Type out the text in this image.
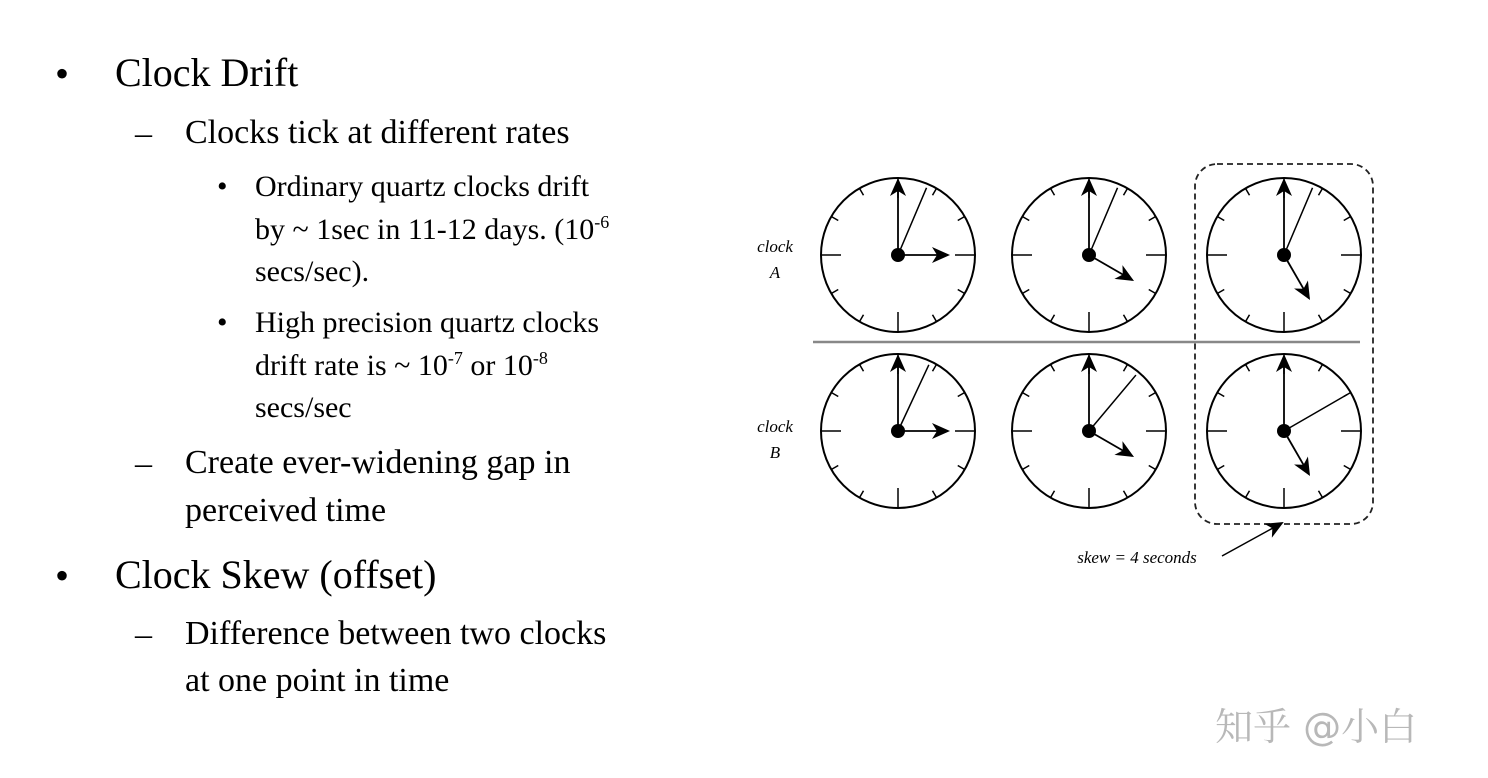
• Clock Drift
– Clocks tick at different rates
• Ordinary quartz clocks drift
by ~ 1sec in 11-12 days. ($10^{-6}$
secs/sec).
• High precision quartz clocks
drift rate is ~ $10^{-7}$ or $10^{-8}$
secs/sec
– Create ever-widening gap in
perceived time
• Clock Skew (offset)
– Difference between two clocks
at one point in time
clock
A
clock
B
skew = 4 seconds
知乎 @小白
